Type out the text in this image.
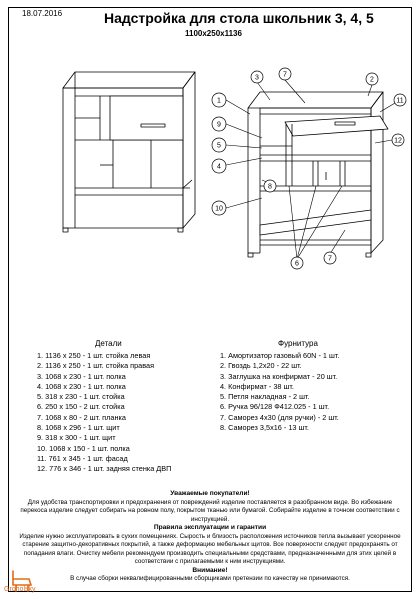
18.07.2016	Надстройка для стола школьник 3, 4, 5
1100x250x1136
1
2
3	7
11
9
12
5
4
8
10
6
7
Детали
1. 1136 x 250 - 1 шт. стойка левая
2. 1136 x 250 - 1 шт. стойка правая
3. 1068 x 230 - 1 шт. полка
4. 1068 x 230 - 1 шт. полка
5. 318 x 230 - 1 шт. стойка
6. 250 x 150 - 2 шт. стойка
7. 1068 x 80 - 2 шт. планка
8. 1068 x 296 - 1 шт. щит
9. 318 x 300 - 1 шт. щит
10. 1068 x 150 - 1 шт. полка
11. 761 x 345 - 1 шт. фасад
12. 776 x 346 - 1 шт. задняя стенка ДВП
Фурнитура
1. Амортизатор газовый 60N - 1 шт.
2. Гвоздь 1,2х20 - 22 шт.
3. Заглушка на конфирмат - 20 шт.
4. Конфирмат - 38 шт.
5. Петля накладная - 2 шт.
6. Ручка 96/128 Ф412.025 - 1 шт.
7. Саморез 4х30 (для ручки) - 2 шт.
8. Саморез 3,5х16 - 13 шт.
Уважаемые покупатели!
Для удобства транспортировки и предохранения от повреждений изделие поставляется в разобранном виде. Во избежание перекоса изделие следует собирать на ровном полу, покрытом тканью или бумагой. Собирайте изделие в точном соответствии с инструкцией.
Правила эксплуатации и гарантии
Изделие нужно эксплуатировать в сухих помещениях. Сырость и близость расположения источников тепла вызывает ускоренное старение защитно-декоративных покрытий, а также деформацию мебельных щитов. Все поверхности следует предохранять от попадания влаги. Очистку мебели рекомендуем производить специальными средствами, предназначенными для этих целей в соответствии с прилагаемыми к ним инструкциями.
Внимание!
В случае сборки неквалифицированными сборщиками претензии по качеству не принимаются.
Groholsky
